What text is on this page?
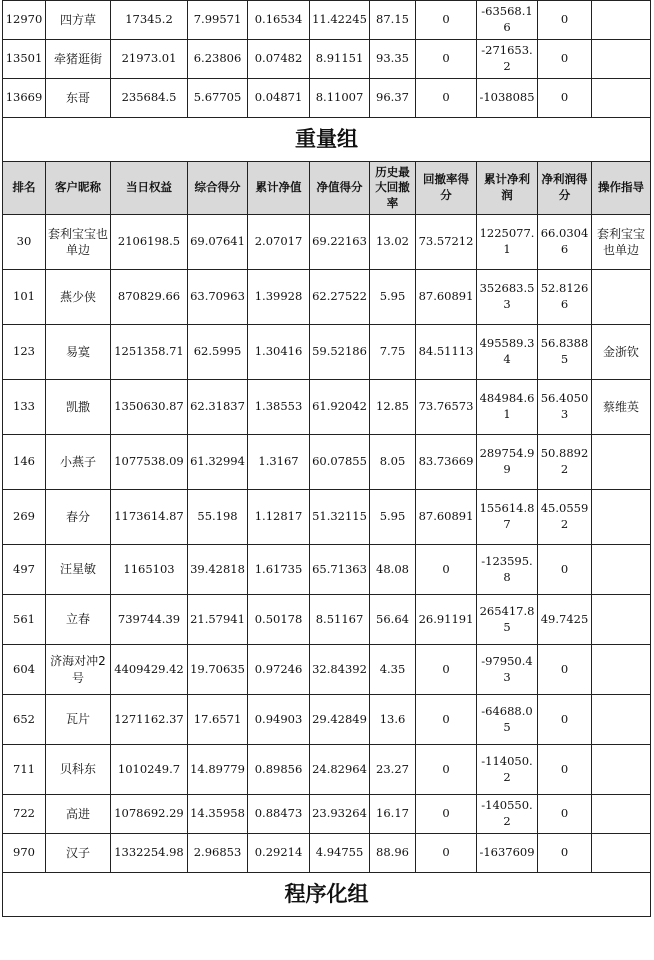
12970	四方草	17345.2	7.99571	0.16534	11.42245	87.15	0	-63568.16	0	
13501	牵猪逛街	21973.01	6.23806	0.07482	8.91151	93.35	0	-271653.2	0	
13669	东哥	235684.5	5.67705	0.04871	8.11007	96.37	0	-1038085	0	
重量组										
排名	客户昵称	当日权益	综合得分	累计净值	净值得分	历史最大回撤率	回撤率得分	累计净利润	净利润得分	操作指导
30	套利宝宝也单边	2106198.5	69.07641	2.07017	69.22163	13.02	73.57212	1225077.1	66.03046	套利宝宝也单边
101	燕少侠	870829.66	63.70963	1.39928	62.27522	5.95	87.60891	352683.53	52.81266	
123	易寞	1251358.71	62.5995	1.30416	59.52186	7.75	84.51113	495589.34	56.83885	金浙钦
133	凯撒	1350630.87	62.31837	1.38553	61.92042	12.85	73.76573	484984.61	56.40503	蔡维英
146	小燕子	1077538.09	61.32994	1.3167	60.07855	8.05	83.73669	289754.99	50.88922	
269	春分	1173614.87	55.198	1.12817	51.32115	5.95	87.60891	155614.87	45.05592	
497	汪星敏	1165103	39.42818	1.61735	65.71363	48.08	0	-123595.8	0	
561	立春	739744.39	21.57941	0.50178	8.51167	56.64	26.91191	265417.85	49.7425	
604	济海对冲2号	4409429.42	19.70635	0.97246	32.84392	4.35	0	-97950.43	0	
652	瓦片	1271162.37	17.6571	0.94903	29.42849	13.6	0	-64688.05	0	
711	贝科东	1010249.7	14.89779	0.89856	24.82964	23.27	0	-114050.2	0	
722	高进	1078692.29	14.35958	0.88473	23.93264	16.17	0	-140550.2	0	
970	汉子	1332254.98	2.96853	0.29214	4.94755	88.96	0	-1637609	0	
程序化组										
